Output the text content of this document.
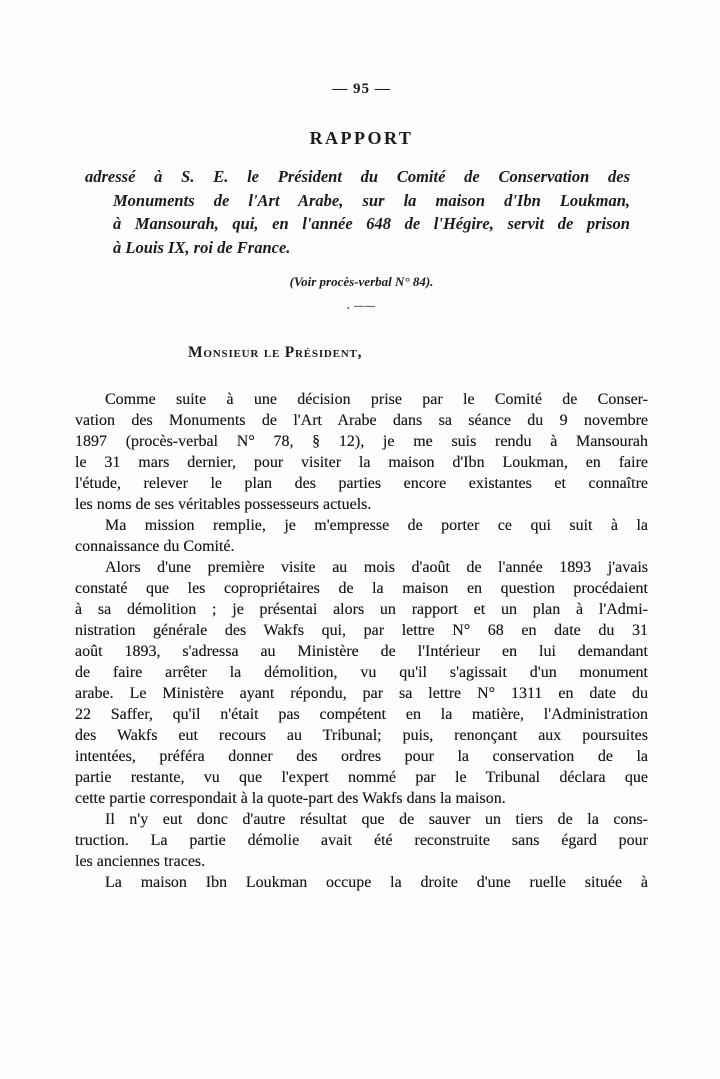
— 95 —
RAPPORT
adressé à S. E. le Président du Comité de Conservation des
Monuments de l'Art Arabe, sur la maison d'Ibn Loukman,
à Mansourah, qui, en l'année 648 de l'Hégire, servit de prison
à Louis IX, roi de France.
(Voir procès-verbal N° 84).
. ——
Monsieur le Président,
Comme suite à une décision prise par le Comité de Conser-
vation des Monuments de l'Art Arabe dans sa séance du 9 novembre
1897 (procès-verbal N° 78, § 12), je me suis rendu à Mansourah
le 31 mars dernier, pour visiter la maison d'Ibn Loukman, en faire
l'étude, relever le plan des parties encore existantes et connaître
les noms de ses véritables possesseurs actuels.
Ma mission remplie, je m'empresse de porter ce qui suit à la
connaissance du Comité.
Alors d'une première visite au mois d'août de l'année 1893 j'avais
constaté que les copropriétaires de la maison en question procédaient
à sa démolition ; je présentai alors un rapport et un plan à l'Admi-
nistration générale des Wakfs qui, par lettre N° 68 en date du 31
août 1893, s'adressa au Ministère de l'Intérieur en lui demandant
de faire arrêter la démolition, vu qu'il s'agissait d'un monument
arabe. Le Ministère ayant répondu, par sa lettre N° 1311 en date du
22 Saffer, qu'il n'était pas compétent en la matière, l'Administration
des Wakfs eut recours au Tribunal; puis, renonçant aux poursuites
intentées, préféra donner des ordres pour la conservation de la
partie restante, vu que l'expert nommé par le Tribunal déclara que
cette partie correspondait à la quote-part des Wakfs dans la maison.
Il n'y eut donc d'autre résultat que de sauver un tiers de la cons-
truction. La partie démolie avait été reconstruite sans égard pour
les anciennes traces.
La maison Ibn Loukman occupe la droite d'une ruelle située à
